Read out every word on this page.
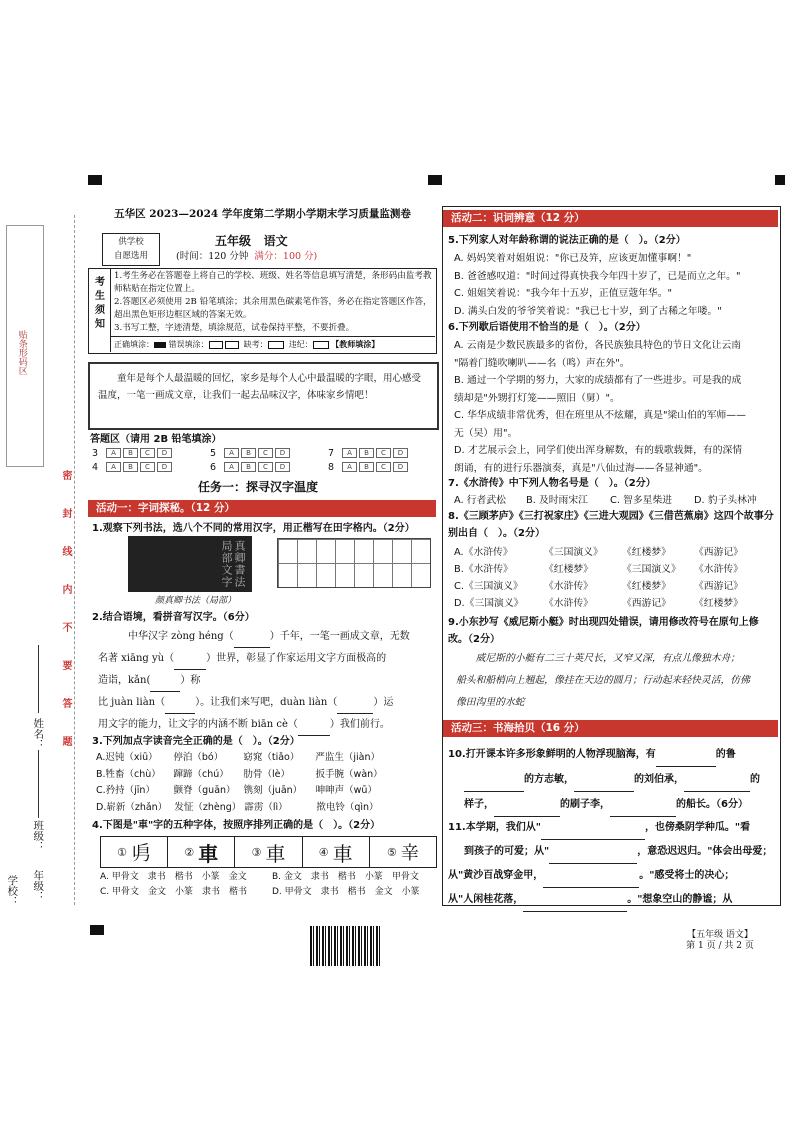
贴条形码区
密　封　线　内　不　要　答　题
姓名：
班级：
年级：
学校：
五华区 2023—2024 学年度第二学期小学期末学习质量监测卷
供学校
自愿选用
五年级 语文
(时间：120 分钟 满分：100 分)
考
生
须
知
1.考生务必在答题卷上将自己的学校、班级、姓名等信息填写清楚，条形码由监考教师粘贴在指定位置上。
2.答题区必须使用 2B 铅笔填涂；其余用黑色碳素笔作答，务必在指定答题区作答，超出黑色矩形边框区域的答案无效。
3.书写工整，字迹清楚，填涂规范，试卷保持平整，不要折叠。
正确填涂： 错误填涂：	缺考：	违纪： 【教师填涂】
童年是每个人最温暖的回忆，家乡是每个人心中最温暖的字眼，用心感受温度，一笔一画成文章，让我们一起去品味汉字，体味家乡情吧！
答题区（请用 2B 铅笔填涂）
3 A B C D	5 A B C D	7 A B C D
4 A B C D	6 A B C D	8 A B C D
任务一：探寻汉字温度
活动一：字词探秘。（12 分）
1.观察下列书法，选八个不同的常用汉字，用正楷写在田字格内。（2分）
真卿書法局部文字
颜真卿书法（局部）
2.结合语境，看拼音写汉字。（6分）
中华汉字 zòng héng（	）千年，一笔一画成文章，无数
名著 xiāng yù（	）世界，彰显了作家运用文字方面极高的
造诣，kǎn(	）称
比 juàn liàn（	）。让我们来写吧，duàn liàn（	）运
用文字的能力，让文字的内涵不断 biān cè（	）我们前行。
3.下列加点字读音完全正确的是（　）。（2分）
A.迟钝（xiū） 停泊（bó） 窈窕（tiǎo） 严监生（jiàn）
B.牲畜（chù） 蹿蹄（chú） 肋骨（lè）	扳手腕（wàn）
C.矜持（jīn） 颤脊（guān） 镌刻（juān） 呻呻声（wū）
D.崭新（zhǎn） 发怔（zhèng） 霹雳（lì）	揿电铃（qìn）
4.下图是"車"字的五种字体，按照序排列正确的是（　）。（2分）
① 𠂣	② 車	③ 車	④ 車	⑤ 𨐌
A. 甲骨文　隶书　楷书　小篆　金文	B. 金文　隶书　楷书　小篆　甲骨文
C. 甲骨文　金文　小篆　隶书　楷书	D. 甲骨文　隶书　楷书　金文　小篆
活动二：识词辨意（12 分）
5.下列家人对年龄称谓的说法正确的是（　）。（2分）
A. 妈妈笑着对姐姐说："你已及笄，应该更加懂事啊！"
B. 爸爸感叹道："时间过得真快我今年四十岁了，已是而立之年。"
C. 姐姐笑着说："我今年十五岁，正值豆蔻年华。"
D. 满头白发的爷爷笑着说："我已七十岁，到了古稀之年喽。"
6.下列歇后语使用不恰当的是（　）。（2分）
A. 云南是少数民族最多的省份，各民族独具特色的节日文化让云南
"隔着门缝吹喇叭——名（鸣）声在外"。
B. 通过一个学期的努力，大家的成绩都有了一些进步。可是我的成
绩却是"外甥打灯笼——照旧（舅）"。
C. 华华成绩非常优秀，但在班里从不炫耀，真是"梁山伯的军师——
无（吴）用"。
D. 才艺展示会上，同学们使出浑身解数，有的载歌载舞，有的深情
朗诵，有的进行乐器演奏，真是"八仙过海——各显神通"。
7.《水浒传》中下列人物名号是（　）。（2分）
A. 行者武松 B. 及时雨宋江 C. 智多星柴进 D. 豹子头林冲
8.《三顾茅庐》《三打祝家庄》《三进大观园》《三借芭蕉扇》这四个故事分别出自（　）。（2分）
A.《水浒传》	《三国演义》 《红楼梦》 《西游记》
B.《水浒传》	《红楼梦》	《三国演义》 《水浒传》
C.《三国演义》 《水浒传》	《红楼梦》 《西游记》
D.《三国演义》 《水浒传》	《西游记》 《红楼梦》
9.小东抄写《威尼斯小艇》时出现四处错误，请用修改符号在原句上修改。（2分）
威尼斯的小艇有二三十英尺长，又窄又深，有点儿像独木舟；
船头和船梢向上翘起，像挂在天边的圆月；行动起来轻快灵活，仿佛
像田沟里的水蛇
活动三：书海拾贝（16 分）
10.打开课本许多形象鲜明的人物浮现脑海，有	的鲁
的方志敏，	的刘伯承，	的
样子，	的刷子李，	的船长。（6分）
11.本学期，我们从"	，也傍桑阴学种瓜。"看
到孩子的可爱；从"	，意恐迟迟归。"体会出母爱；
从"黄沙百战穿金甲，	。"感受将士的决心；
从"人闲桂花落，	。"想象空山的静谧；从
【五年级 语文】
第 1 页 / 共 2 页
